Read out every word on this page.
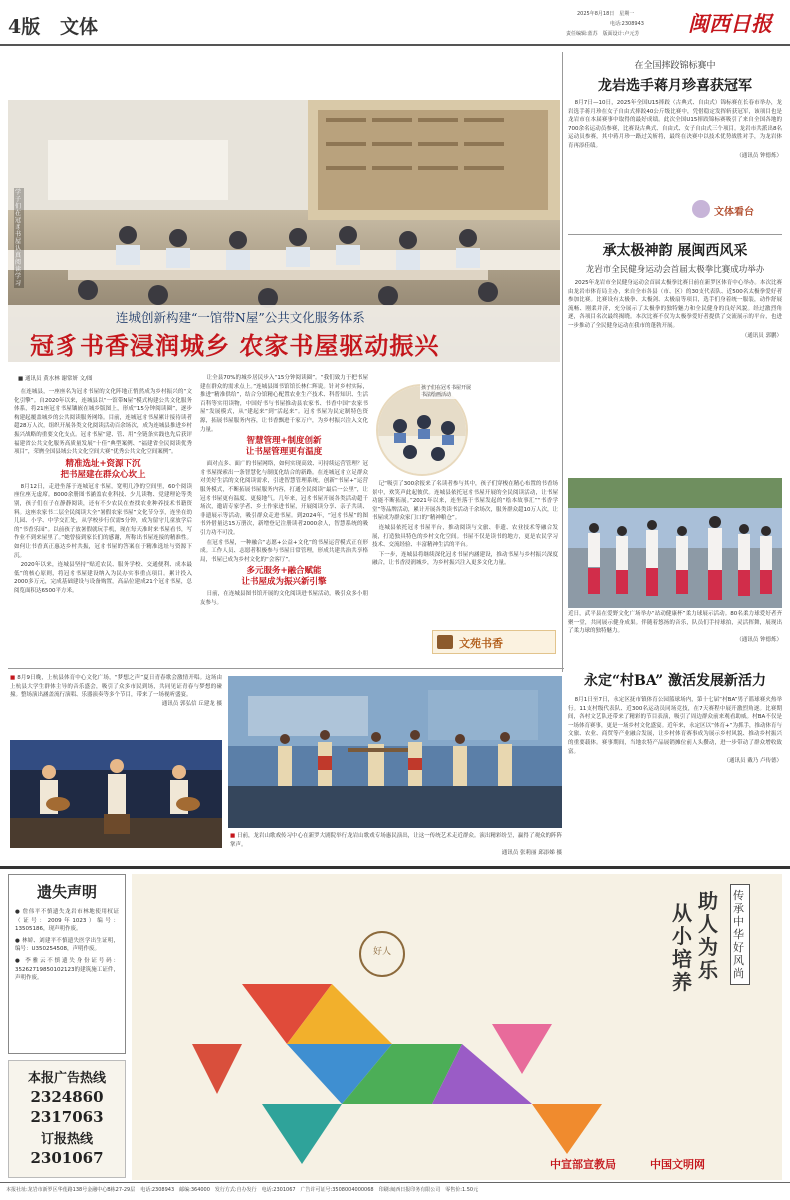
4版 文体
2025年8月18日　星期一
电话:2308943
责任编辑:蓝苏　版面设计:卢元芳 闽西日报
学子们在冠豸书屋认真阅读学习
连城创新构建“一馆带N屋”公共文化服务体系
冠豸书香浸润城乡 农家书屋驱动振兴
■ 通讯员 黄水林 谢常妍 文/图

在连城县，一座座名为冠豸书屋的文化阵地正悄然成为乡村振兴的“文化引擎”。自2020年以来，连城县以“一馆带N屋”模式构建公共文化服务体系，将21座冠豸书屋镶嵌在城乡版图上，形成“15分钟阅读圈”，逐步构建起覆盖城乡的公共阅读服务网络。目前，连城冠豸书屋累计接待读者超28万人次，组织开展各类文化阅读活动百余场次，成为连城县推进乡村振兴战略的重要文化支点。冠豸书屋“建、管、用”全链条实践也先后获评福建省公共文化服务高质量发展“十佳”典型案例、“福建省全民阅读优秀项目”，荣膺全国县域公共文化空间大赛“优秀公共文化空间案例”。

精准选址+资源下沉
把书屋建在群众心坎上

8月12日，走进坐落于连城冠豸书屋，宽明几净的空间里，60个阅读座位座无虚席。8000余册图书涵盖农业科技、少儿读物、党建理论等类别，孩子们在子在静静阅读，还有不少农民在查找农业种养技术书籍资料。这座农家书二层全民阅读大全“暑假农家书屋”文化节分享，连坐在幼儿园、小学、中学交汇处，从学校步行仅需5分钟，成为留守儿童放学后的“书香乐园”。以前孩子放暑假就玩手机，现在每天准时来书屋看书，写作业不到来屋里了。”她曾接到家长们的感谢，所称出书屋连接的精准性。如何让书香真正惠达乡村共振，冠豸书屋的答案在于精准选址与资源下沉。

2020年以来，连城县坚持“贴近农民、服务学校、交通便利、成本最低”的核心原则，将冠豸书屋建设纳入为民办实事重点项目。累计投入2000多万元，完成基础建设与设备购置，高品位建成21个冠豸书屋，总阅览面积达6500平方米。

让全县70%的城乡居民步入“15分钟阅读圈”。“我们致力于把书屋建在群众的需求点上。”连城县图书馆馆长林仁辉说。针对乡村实际，推进“精准供给”，结合分馆精心配置农业生产技术、科普知识、生活百科等实用读物，中国好书与书屋推动县农家书、书香中国“农家书屋”发展模式，从“建起来”到“活起来”。冠豸书屋为民定制特色资源，拓展书屋服务内容，让书香飘进千家万户，为乡村振兴注入文化力量。

智慧管理+制度创新
让书屋管理更有温度

面对点多、面广的书屋网络，如何实现高效、可持续运营管理？冠豸书屋探索出一条智慧化与制度化结合的新路。在连城冠豸立足群众对美好生活的文化阅读需求，引进智慧管理系统，创新“书屋+”运营服务模式，不断拓展书屋服务内容，打通全民阅读“最后一公里”，让冠豸书屋更有温度、更接地气。几年来，冠豸书屋开展各类活动超千场次，邀请专家学者、乡土作家进书屋，开展阅读分享、亲子共读、非遗展示等活动，吸引群众走进书屋。到2024年，“冠豸书屋”的图书外借量达15万册次，新增登记注册读者2000余人，智慧系统的吸引力功不可没。

在冠豸书屋，一种融合“志愿+公益+文化”的书屋运营模式正在形成。工作人员、志愿者积极参与书屋日常管理，形成共建共治共享格局，书屋已成为乡村文化的“会客厅”。

多元服务+融合赋能
让书屋成为振兴新引擎

日前，在连城县图书馆开展的文化阅读进书屋活动，吸引众多小朋友参与。

孩子们在冠豸书屋开展书法绘画活动

记“吸引了300余报来了名读者参与其中，孩子们穿梭在精心布置的书香场景中，欢笑声此起彼伏。连城县依托冠豸书屋开展的全民阅读活动，让书屋功能不断拓展。”2021年以来，连坐落于书屋发起的“绘本故事汇”“书香学堂”等品牌活动，累计开展各类读书活动千余场次，服务群众超10万人次，让书屋成为群众家门口的“精神粮仓”。

连城县依托冠豸书屋平台，推动阅读与文旅、非遗、农业技术等融合发展，打造独具特色的乡村文化空间。书屋不仅是读书的地方，更是农民学习技术、交流经验、丰富精神生活的平台。

下一步，连城县将继续深化冠豸书屋内涵建设，推动书屋与乡村振兴深度融合，让书香浸润城乡，为乡村振兴注入更多文化力量。

文苑书香
在全国摔跤锦标赛中
龙岩选手蒋月珍喜获冠军

8月7日—10日，2025年全国U15摔跤（古典式、自由式）锦标赛在长春市举办，龙岩选手蒋月珍在女子自由式摔跤40公斤级比赛中，凭借稳定发挥斩获冠军，该项目也是龙岩市在本届赛事中取得的最好成绩。此次全国U15摔跤锦标赛吸引了来自全国各地的700余名运动员参赛，比赛设古典式、自由式、女子自由式三个项目。龙岩市共派出8名运动员参赛，其中蒋月珍一路过关斩将，最终在决赛中以技术优势战胜对手，为龙岩体育再添佳绩。

（通讯员 钟德炼）
文体看台
承太极神韵 展闽西风采
龙岩市全民健身运动会首届太极拳比赛成功举办

2025年龙岩市全民健身运动会首届太极拳比赛日前在新罗区体育中心举办。本次比赛由龙岩市体育局主办，来自全市各县（市、区）的30支代表队、近500名太极拳爱好者参加比赛。比赛设有太极拳、太极剑、太极扇等项目，选手们身着统一服装，动作舒展流畅、刚柔并济，充分展示了太极拳的独特魅力和全民健身的良好风貌。经过激烈角逐，各项目名次最终揭晓。本次比赛不仅为太极拳爱好者提供了交流展示的平台，也进一步推动了全民健身运动在我市的蓬勃开展。

（通讯员 郭鹏）
近日，武平县在爱野文化广场举办“站动健康杯”柔力球展示活动。80名柔力球爱好者齐聚一堂，共同展示健身成果。伴随着悠扬的音乐，队员们手持球拍，灵活挥舞，展现出了柔力球的独特魅力。
（通讯员 钟德炼）
■ 8月9日晚，上杭县体育中心文化广场，“梦想之声”夏日青春歌会激情开唱。这场由上杭县大学生群体主导的音乐盛会，吸引了众多市民到场，共同见证青春与梦想的碰撞。整场演出涵盖流行演唱、乐器演奏等多个节目，带来了一场视听盛宴。
通讯员 郭弘信 丘建龙 摄
■ 日前，龙岩山歌戏传习中心在新罗大剧院举行龙岩山歌戏专场惠民演出，让这一传统艺术走近群众。演出精彩纷呈，赢得了观众的阵阵掌声。
通讯员 张莉丽 邱添娣 摄
永定“村BA” 激活发展新活力

8月1日至7日，永定区抚市镇体育公园篮球场内，第十七届“村BA”男子篮球赛火热举行。11支村级代表队、近300名运动员同场竞技，在7天赛程中展开激烈角逐。比赛期间，各村文艺队还带来了精彩的节目表演，吸引了周边群众前来观看助威。村BA不仅是一场体育赛事，更是一场乡村文化盛宴。近年来，永定区以“体育+”为抓手，推动体育与文旅、农业、商贸等产业融合发展，让乡村体育赛事成为展示乡村风貌、推动乡村振兴的重要载体。赛事期间，当地农特产品展销摊位前人头攒动，进一步带动了群众增收致富。

（通讯员 戴乃 卢传德）
遗失声明
● 詹伟平不慎遗失龙岩市林地使用权证（证号：2009年1023）编号：13505186，现声明作废。
● 林娇、刘建平不慎遗失医学出生证明，编号：U350254508，声明作废。
● 李雅云不慎遗失身份证号码：35262719850102123的建筑施工证件，声明作废。
本报广告热线
2324860
2317063
订报热线
2301067
好人
助人为乐
从小培养
传承中华好风尚
中宣部宣教局	中国文明网
本报社址:龙岩市新罗区华莲路138号金融中心B栋27-29层　电话:2308943　邮编:364000　发行方式:自办发行　电话:2301067　广告许可证号:3508004000068　印刷:闽西日报印务有限公司　零售价:1.50元
